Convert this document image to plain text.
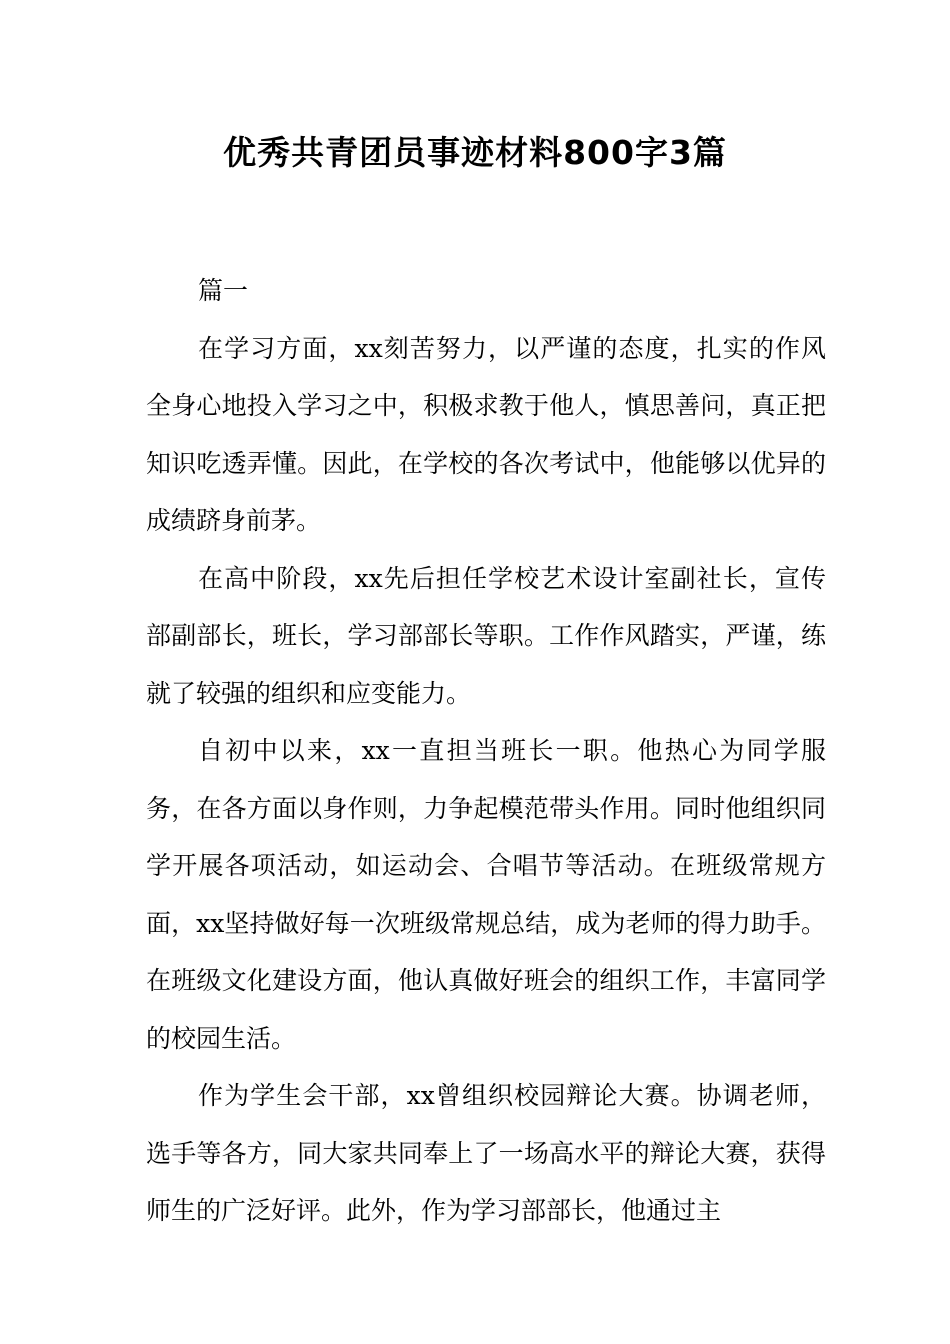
优秀共青团员事迹材料800字3篇

篇一

在学习方面，xx刻苦努力，以严谨的态度，扎实的作风全身心地投入学习之中，积极求教于他人，慎思善问，真正把知识吃透弄懂。因此，在学校的各次考试中，他能够以优异的成绩跻身前茅。

在高中阶段，xx先后担任学校艺术设计室副社长，宣传部副部长，班长，学习部部长等职。工作作风踏实，严谨，练就了较强的组织和应变能力。

自初中以来，xx一直担当班长一职。他热心为同学服务，在各方面以身作则，力争起模范带头作用。同时他组织同学开展各项活动，如运动会、合唱节等活动。在班级常规方面，xx坚持做好每一次班级常规总结，成为老师的得力助手。在班级文化建设方面，他认真做好班会的组织工作，丰富同学的校园生活。

作为学生会干部，xx曾组织校园辩论大赛。协调老师，选手等各方，同大家共同奉上了一场高水平的辩论大赛，获得师生的广泛好评。此外，作为学习部部长，他通过主
